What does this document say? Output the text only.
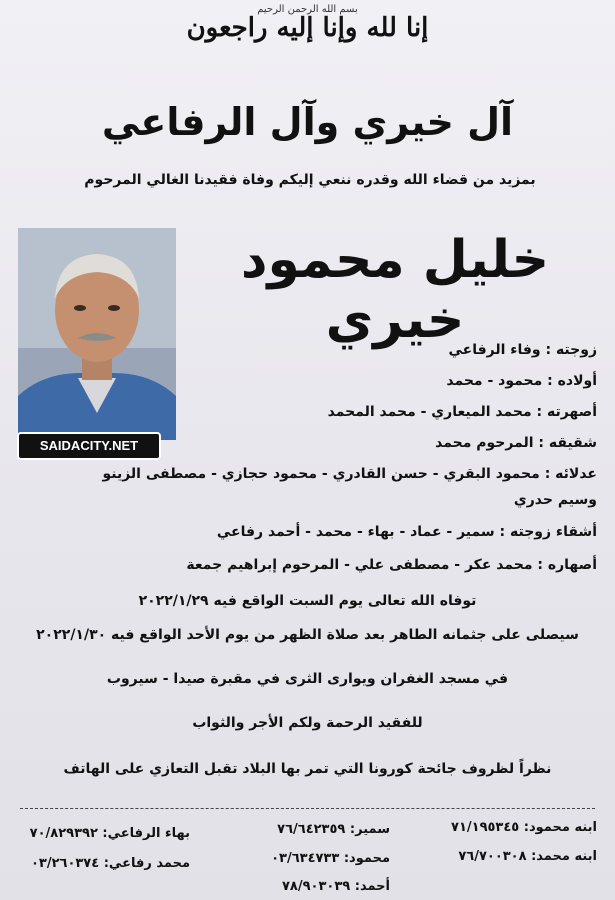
بسم الله الرحمن الرحيم
إنا لله وإنا إليه راجعون
آل خيري وآل الرفاعي
بمزيد من قضاء الله وقدره ننعي إليكم وفاة فقيدنا الغالي المرحوم
خليل محمود خيري
SAIDACITY.NET
زوجته : وفاء الرفاعي
أولاده : محمود - محمد
أصهرته : محمد الميعاري - محمد المحمد
شقيقه : المرحوم محمد
عدلائه : محمود البقري - حسن القادري - محمود حجازي - مصطفى الزينو
وسيم حدري
أشقاء زوجته : سمير - عماد - بهاء - محمد - أحمد رفاعي
أصهاره : محمد عكر - مصطفى علي - المرحوم إبراهيم جمعة
توفاه الله تعالى يوم السبت الواقع فيه ٢٠٢٢/١/٢٩
سيصلى على جثمانه الطاهر بعد صلاة الظهر من يوم الأحد الواقع فيه ٢٠٢٢/١/٣٠
في مسجد الغفران ويوارى الثرى في مقبرة صيدا - سيروب
للفقيد الرحمة ولكم الأجر والثواب
نظراً لظروف جائحة كورونا التي تمر بها البلاد تقبل التعازي على الهاتف
ابنه محمود: ٧١/١٩٥٣٤٥
ابنه محمد: ٧٦/٧٠٠٣٠٨
سمير: ٧٦/٦٤٢٣٥٩
محمود: ٠٣/٦٣٤٧٣٣
أحمد: ٧٨/٩٠٣٠٣٩
بهاء الرفاعي: ٧٠/٨٢٩٣٩٢
محمد رفاعي: ٠٣/٢٦٠٣٧٤
